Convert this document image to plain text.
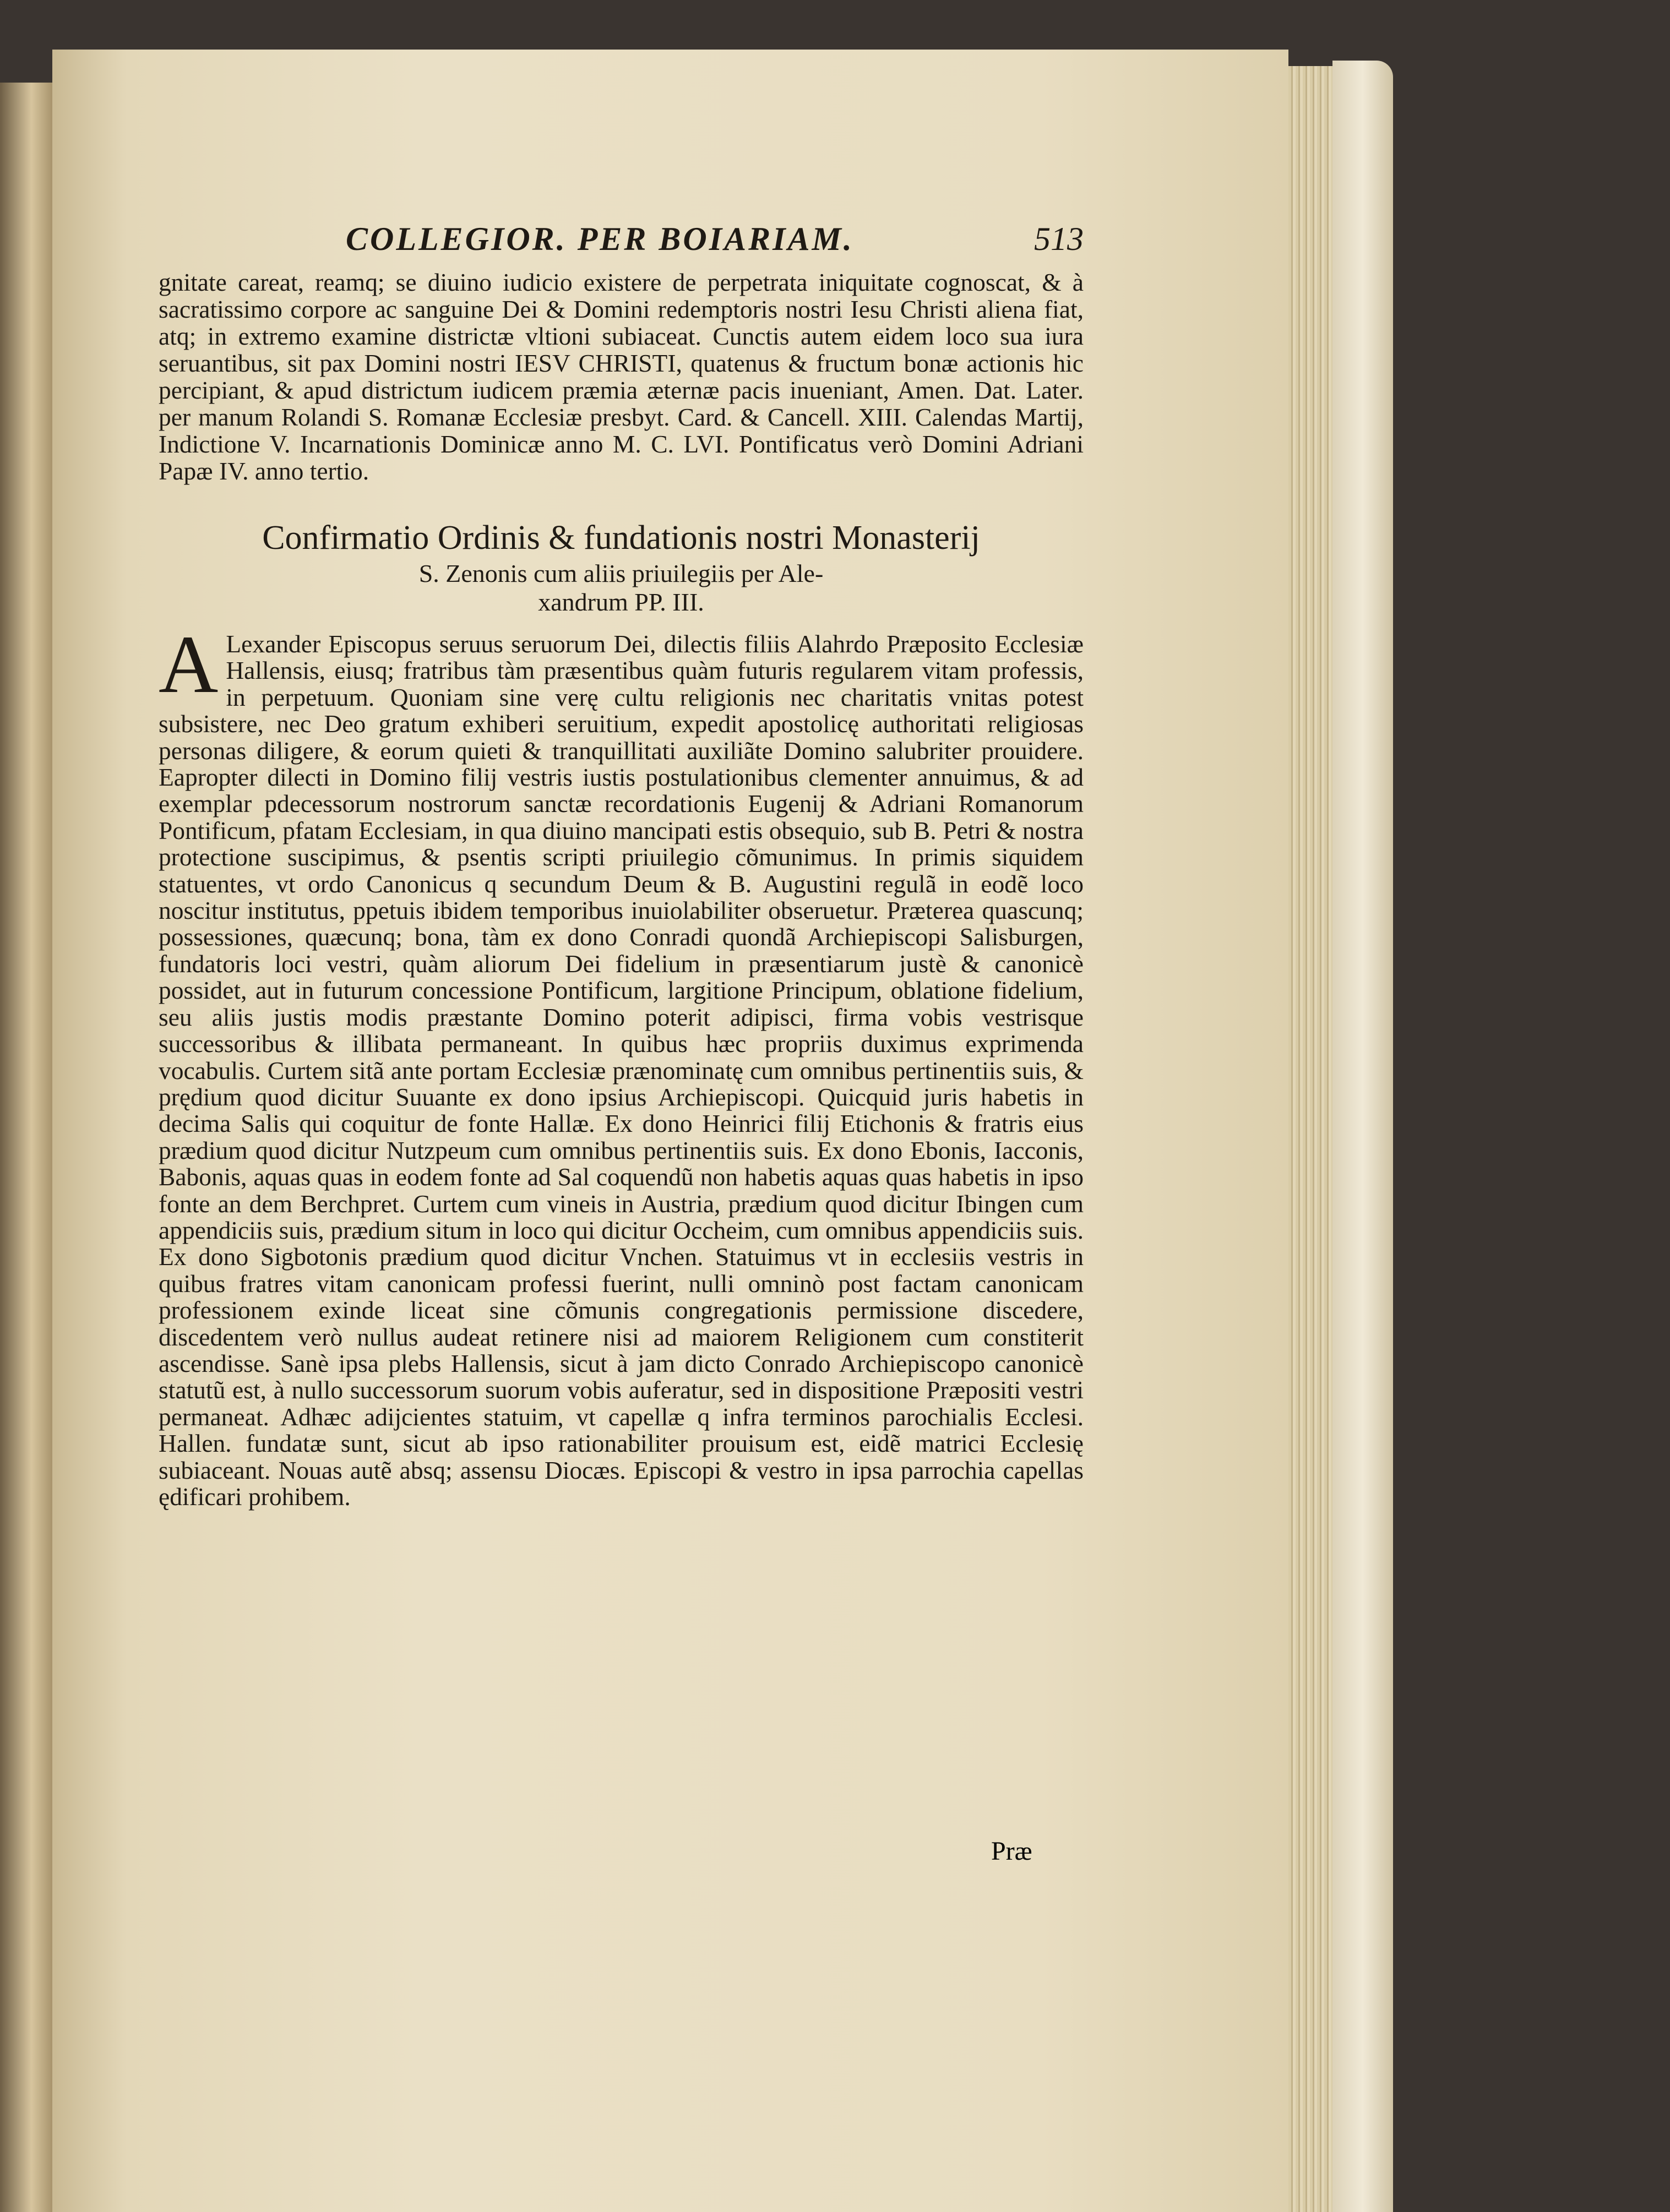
COLLEGIOR. PER BOIARIAM.	513

gnitate careat, reamq; se diuino iudicio existere de perpetrata iniquitate cognoscat, & à sacratissimo corpore ac sanguine Dei & Domini redemptoris nostri Iesu Christi aliena fiat, atq; in extremo examine districtæ vltioni subiaceat. Cunctis autem eidem loco sua iura seruantibus, sit pax Domini nostri IESV CHRISTI, quatenus & fructum bonæ actionis hic percipiant, & apud districtum iudicem præmia æternæ pacis inueniant, Amen. Dat. Later. per manum Rolandi S. Romanæ Ecclesiæ presbyt. Card. & Cancell. XIII. Calendas Martij, Indictione V. Incarnationis Dominicæ anno M. C. LVI. Pontificatus verò Domini Adriani Papæ IV. anno tertio.

Confirmatio Ordinis & fundationis nostri Monasterij

S. Zenonis cum aliis priuilegiis per Ale-

xandrum PP. III.

A Lexander Episcopus seruus seruorum Dei, dilectis filiis Alahrdo Præposito Ecclesiæ Hallensis, eiusq; fratribus tàm præsentibus quàm futuris regularem vitam professis, in perpetuum. Quoniam sine verę cultu religionis nec charitatis vnitas potest subsistere, nec Deo gratum exhiberi seruitium, expedit apostolicę authoritati religiosas personas diligere, & eorum quieti & tranquillitati auxiliãte Domino salubriter prouidere. Eapropter dilecti in Domino filij vestris iustis postulationibus clementer annuimus, & ad exemplar pdecessorum nostrorum sanctæ recordationis Eugenij & Adriani Romanorum Pontificum, pfatam Ecclesiam, in qua diuino mancipati estis obsequio, sub B. Petri & nostra protectione suscipimus, & psentis scripti priuilegio cõmunimus. In primis siquidem statuentes, vt ordo Canonicus q secundum Deum & B. Augustini regulã in eodẽ loco noscitur institutus, ppetuis ibidem temporibus inuiolabiliter obseruetur. Præterea quascunq; possessiones, quæcunq; bona, tàm ex dono Conradi quondã Archiepiscopi Salisburgen, fundatoris loci vestri, quàm aliorum Dei fidelium in præsentiarum justè & canonicè possidet, aut in futurum concessione Pontificum, largitione Principum, oblatione fidelium, seu aliis justis modis præstante Domino poterit adipisci, firma vobis vestrisque successoribus & illibata permaneant. In quibus hæc propriis duximus exprimenda vocabulis. Curtem sitã ante portam Ecclesiæ prænominatę cum omnibus pertinentiis suis, & prędium quod dicitur Suuante ex dono ipsius Archiepiscopi. Quicquid juris habetis in decima Salis qui coquitur de fonte Hallæ. Ex dono Heinrici filij Etichonis & fratris eius prædium quod dicitur Nutzpeum cum omnibus pertinentiis suis. Ex dono Ebonis, Iacconis, Babonis, aquas quas in eodem fonte ad Sal coquendũ non habetis aquas quas habetis in ipso fonte an dem Berchpret. Curtem cum vineis in Austria, prædium quod dicitur Ibingen cum appendiciis suis, prædium situm in loco qui dicitur Occheim, cum omnibus appendiciis suis. Ex dono Sigbotonis prædium quod dicitur Vnchen. Statuimus vt in ecclesiis vestris in quibus fratres vitam canonicam professi fuerint, nulli omninò post factam canonicam professionem exinde liceat sine cõmunis congregationis permissione discedere, discedentem verò nullus audeat retinere nisi ad maiorem Religionem cum constiterit ascendisse. Sanè ipsa plebs Hallensis, sicut à jam dicto Conrado Archiepiscopo canonicè statutũ est, à nullo successorum suorum vobis auferatur, sed in dispositione Præpositi vestri permaneat. Adhæc adijcientes statuim, vt capellæ q infra terminos parochialis Ecclesi. Hallen. fundatæ sunt, sicut ab ipso rationabiliter prouisum est, eidẽ matrici Ecclesię subiaceant. Nouas autẽ absq; assensu Diocæs. Episcopi & vestro in ipsa parrochia capellas ędificari prohibem.

Præ
